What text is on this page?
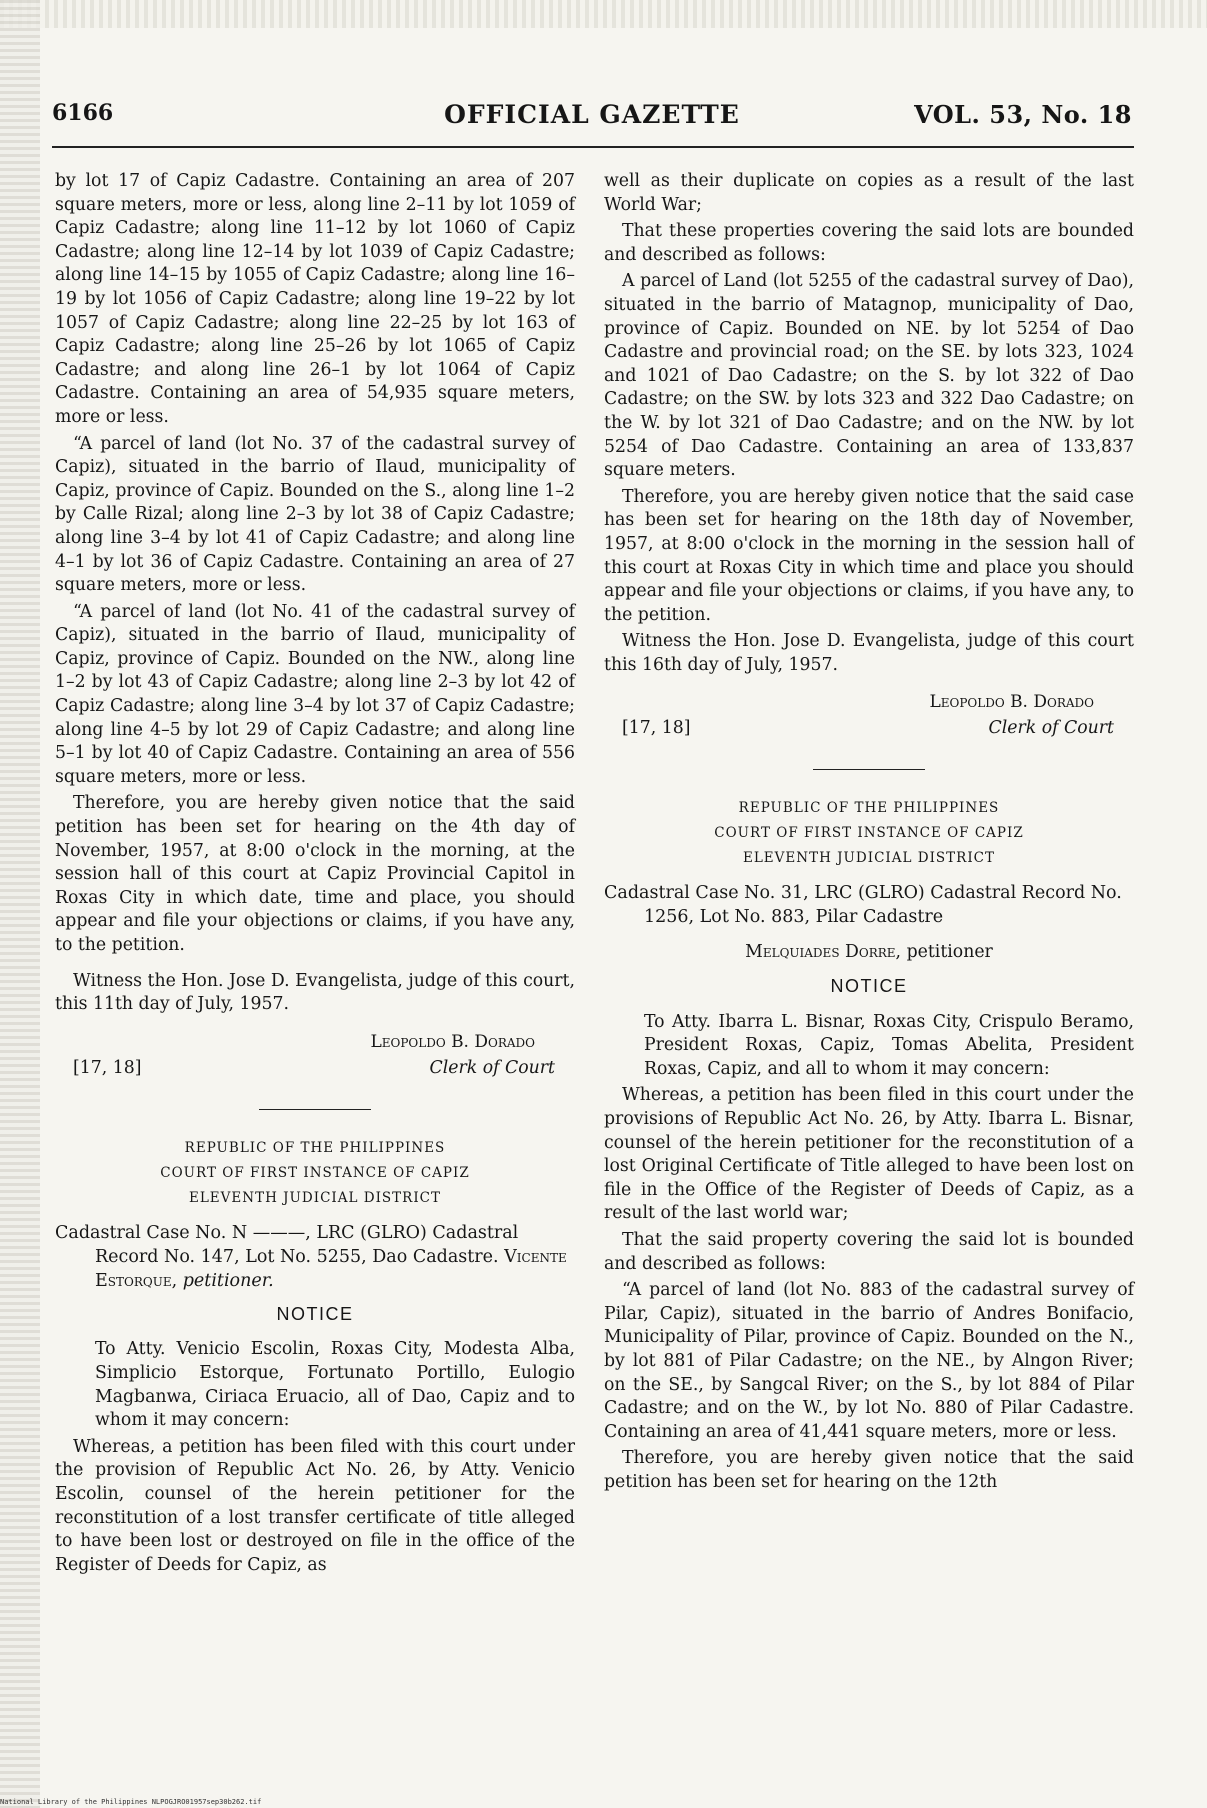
OFFICIAL GAZETTE
6166	VOL. 53, No. 18

by lot 17 of Capiz Cadastre. Containing an area of 207 square meters, more or less, along line 2–11 by lot 1059 of Capiz Cadastre; along line 11–12 by lot 1060 of Capiz Cadastre; along line 12–14 by lot 1039 of Capiz Cadastre; along line 14–15 by 1055 of Capiz Cadastre; along line 16–19 by lot 1056 of Capiz Cadastre; along line 19–22 by lot 1057 of Capiz Cadastre; along line 22–25 by lot 163 of Capiz Cadastre; along line 25–26 by lot 1065 of Capiz Cadastre; and along line 26–1 by lot 1064 of Capiz Cadastre. Containing an area of 54,935 square meters, more or less.

“A parcel of land (lot No. 37 of the cadastral survey of Capiz), situated in the barrio of Ilaud, municipality of Capiz, province of Capiz. Bounded on the S., along line 1–2 by Calle Rizal; along line 2–3 by lot 38 of Capiz Cadastre; along line 3–4 by lot 41 of Capiz Cadastre; and along line 4–1 by lot 36 of Capiz Cadastre. Containing an area of 27 square meters, more or less.

“A parcel of land (lot No. 41 of the cadastral survey of Capiz), situated in the barrio of Ilaud, municipality of Capiz, province of Capiz. Bounded on the NW., along line 1–2 by lot 43 of Capiz Cadastre; along line 2–3 by lot 42 of Capiz Cadastre; along line 3–4 by lot 37 of Capiz Cadastre; along line 4–5 by lot 29 of Capiz Cadastre; and along line 5–1 by lot 40 of Capiz Cadastre. Containing an area of 556 square meters, more or less.

Therefore, you are hereby given notice that the said petition has been set for hearing on the 4th day of November, 1957, at 8:00 o'clock in the morning, at the session hall of this court at Capiz Provincial Capitol in Roxas City in which date, time and place, you should appear and file your objections or claims, if you have any, to the petition.

Witness the Hon. Jose D. Evangelista, judge of this court, this 11th day of July, 1957.

Leopoldo B. Dorado
[17, 18]	Clerk of Court
REPUBLIC OF THE PHILIPPINES
COURT OF FIRST INSTANCE OF CAPIZ
ELEVENTH JUDICIAL DISTRICT
Cadastral Case No. N ———, LRC (GLRO) Cadastral Record No. 147, Lot No. 5255, Dao Cadastre. Vicente Estorque, petitioner.
NOTICE

To Atty. Venicio Escolin, Roxas City, Modesta Alba, Simplicio Estorque, Fortunato Portillo, Eulogio Magbanwa, Ciriaca Eruacio, all of Dao, Capiz and to whom it may concern:

Whereas, a petition has been filed with this court under the provision of Republic Act No. 26, by Atty. Venicio Escolin, counsel of the herein petitioner for the reconstitution of a lost transfer certificate of title alleged to have been lost or destroyed on file in the office of the Register of Deeds for Capiz, as

well as their duplicate on copies as a result of the last World War;

That these properties covering the said lots are bounded and described as follows:

A parcel of Land (lot 5255 of the cadastral survey of Dao), situated in the barrio of Matagnop, municipality of Dao, province of Capiz. Bounded on NE. by lot 5254 of Dao Cadastre and provincial road; on the SE. by lots 323, 1024 and 1021 of Dao Cadastre; on the S. by lot 322 of Dao Cadastre; on the SW. by lots 323 and 322 Dao Cadastre; on the W. by lot 321 of Dao Cadastre; and on the NW. by lot 5254 of Dao Cadastre. Containing an area of 133,837 square meters.

Therefore, you are hereby given notice that the said case has been set for hearing on the 18th day of November, 1957, at 8:00 o'clock in the morning in the session hall of this court at Roxas City in which time and place you should appear and file your objections or claims, if you have any, to the petition.

Witness the Hon. Jose D. Evangelista, judge of this court this 16th day of July, 1957.

Leopoldo B. Dorado
[17, 18]	Clerk of Court
REPUBLIC OF THE PHILIPPINES
COURT OF FIRST INSTANCE OF CAPIZ
ELEVENTH JUDICIAL DISTRICT
Cadastral Case No. 31, LRC (GLRO) Cadastral Record No. 1256, Lot No. 883, Pilar Cadastre
Melquiades Dorre, petitioner
NOTICE

To Atty. Ibarra L. Bisnar, Roxas City, Crispulo Beramo, President Roxas, Capiz, Tomas Abelita, President Roxas, Capiz, and all to whom it may concern:

Whereas, a petition has been filed in this court under the provisions of Republic Act No. 26, by Atty. Ibarra L. Bisnar, counsel of the herein petitioner for the reconstitution of a lost Original Certificate of Title alleged to have been lost on file in the Office of the Register of Deeds of Capiz, as a result of the last world war;

That the said property covering the said lot is bounded and described as follows:

“A parcel of land (lot No. 883 of the cadastral survey of Pilar, Capiz), situated in the barrio of Andres Bonifacio, Municipality of Pilar, province of Capiz. Bounded on the N., by lot 881 of Pilar Cadastre; on the NE., by Alngon River; on the SE., by Sangcal River; on the S., by lot 884 of Pilar Cadastre; and on the W., by lot No. 880 of Pilar Cadastre. Containing an area of 41,441 square meters, more or less.

Therefore, you are hereby given notice that the said petition has been set for hearing on the 12th

National Library of the Philippines NLPOGJRO01957sep30b262.tif
